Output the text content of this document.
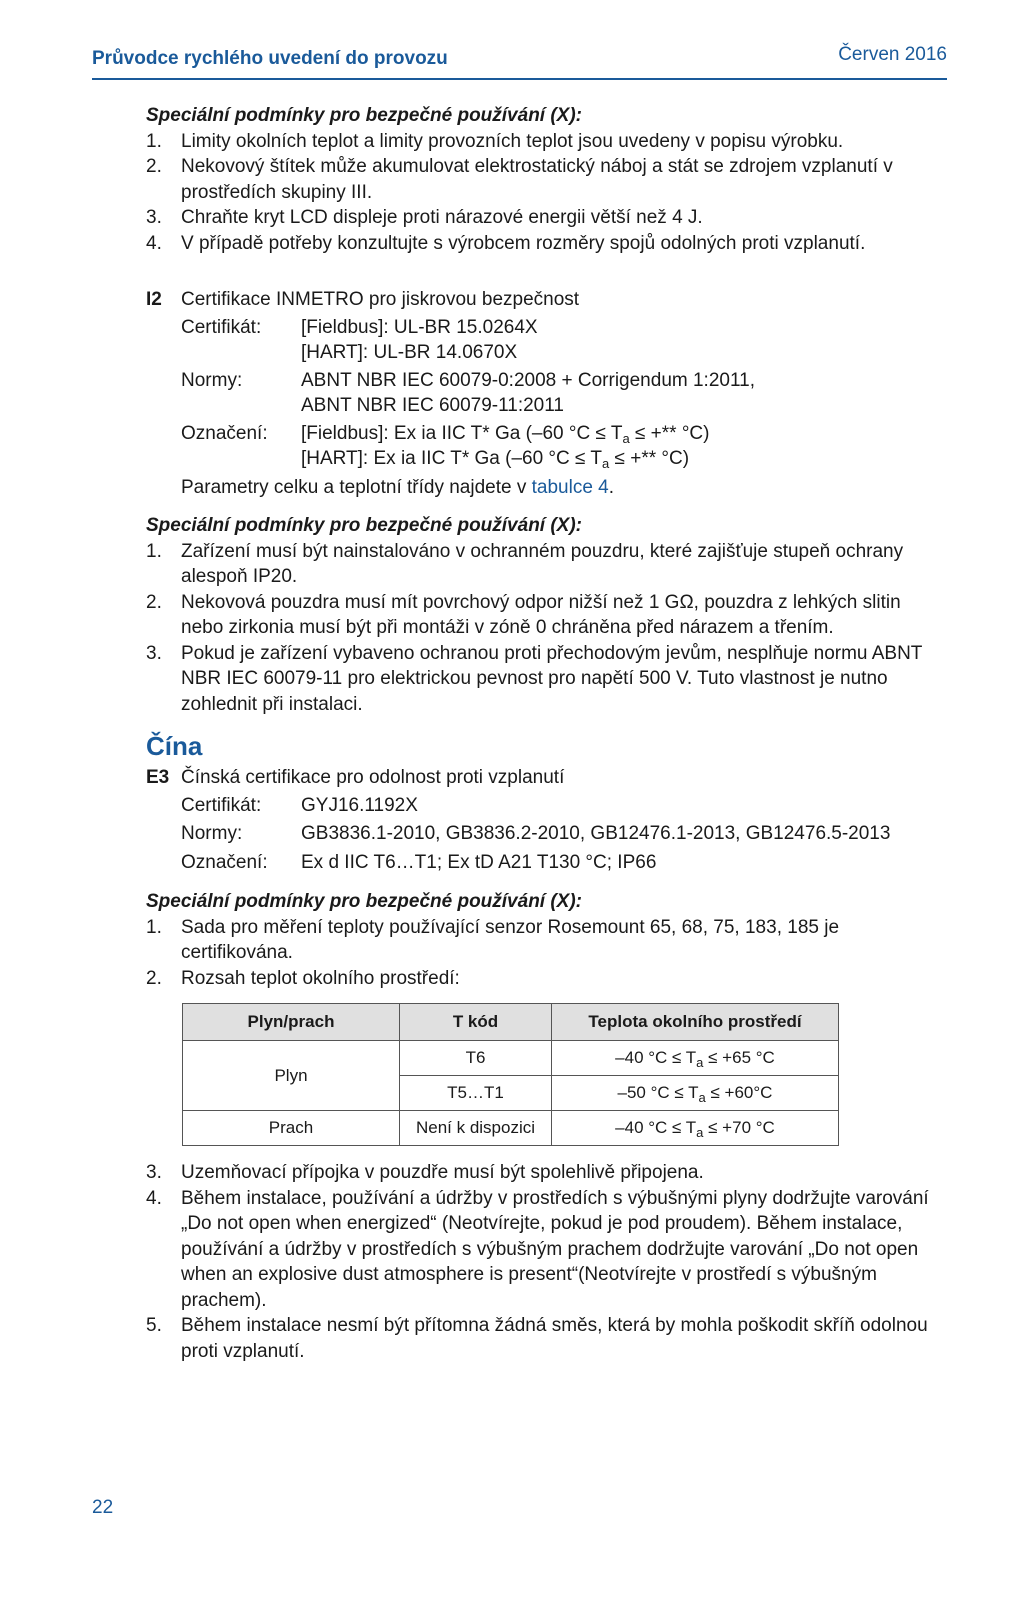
Průvodce rychlého uvedení do provozu	Červen 2016

Speciální podmínky pro bezpečné používání (X):

1. Limity okolních teplot a limity provozních teplot jsou uvedeny v popisu výrobku.
2. Nekovový štítek může akumulovat elektrostatický náboj a stát se zdrojem vzplanutí v prostředích skupiny III.
3. Chraňte kryt LCD displeje proti nárazové energii větší než 4 J.
4. V případě potřeby konzultujte s výrobcem rozměry spojů odolných proti vzplanutí.
I2 Certifikace INMETRO pro jiskrovou bezpečnost
Certifikát:	[Fieldbus]: UL-BR 15.0264X
[HART]: UL-BR 14.0670X
Normy:	ABNT NBR IEC 60079-0:2008 + Corrigendum 1:2011,
ABNT NBR IEC 60079-11:2011
Označení:	[Fieldbus]: Ex ia IIC T* Ga (–60 $^\circ C \le T_a$ ≤ +** °C)
[HART]: Ex ia IIC T* Ga (–60 $^\circ C \le T_a$ ≤ +** °C)
Parametry celku a teplotní třídy najdete v tabulce 4.

Speciální podmínky pro bezpečné používání (X):

1. Zařízení musí být nainstalováno v ochranném pouzdru, které zajišťuje stupeň ochrany alespoň IP20.
2. Nekovová pouzdra musí mít povrchový odpor nižší než 1 GΩ, pouzdra z lehkých slitin nebo zirkonia musí být při montáži v zóně 0 chráněna před nárazem a třením.
3. Pokud je zařízení vybaveno ochranou proti přechodovým jevům, nesplňuje normu ABNT NBR IEC 60079-11 pro elektrickou pevnost pro napětí 500 V. Tuto vlastnost je nutno zohlednit při instalaci.
Čína
E3 Čínská certifikace pro odolnost proti vzplanutí
Certifikát:	GYJ16.1192X
Normy:	GB3836.1-2010, GB3836.2-2010, GB12476.1-2013, GB12476.5-2013
Označení:	Ex d IIC T6…T1; Ex tD A21 T130 °C; IP66

Speciální podmínky pro bezpečné používání (X):

1. Sada pro měření teploty používající senzor Rosemount 65, 68, 75, 183, 185 je certifikována.
2. Rozsah teplot okolního prostředí:
Plyn/prach	T kód	Teplota okolního prostředí
Plyn	T6	–40 $^\circ C \le T_a \le +65$ °C
	T5…T1	–50 $^\circ C \le T_a \le +60^\circ C$
Prach	Není k dispozici	–40 $^\circ C \le T_a \le +70$ °C
3. Uzemňovací přípojka v pouzdře musí být spolehlivě připojena.
4. Během instalace, používání a údržby v prostředích s výbušnými plyny dodržujte varování „Do not open when energized“ (Neotvírejte, pokud je pod proudem). Během instalace, používání a údržby v prostředích s výbušným prachem dodržujte varování „Do not open when an explosive dust atmosphere is present“(Neotvírejte v prostředí s výbušným prachem).
5. Během instalace nesmí být přítomna žádná směs, která by mohla poškodit skříň odolnou proti vzplanutí.
22
